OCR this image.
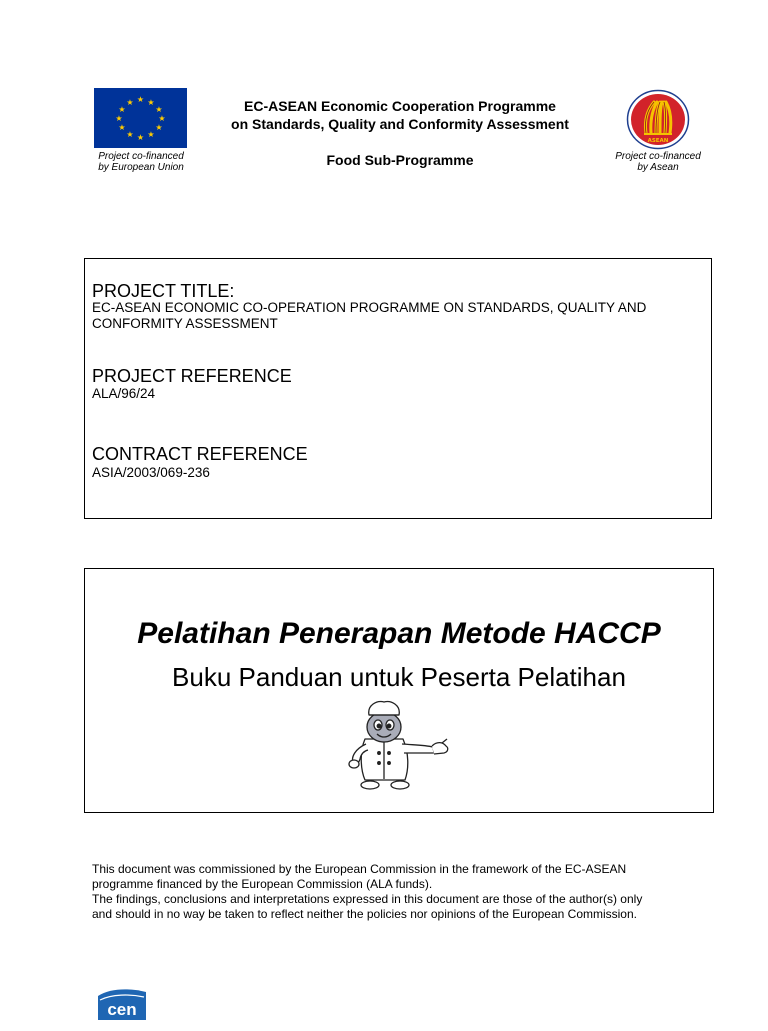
★ ★
★
★
★
★
★
★
★
★
★
★
Project co-financed
by European Union
EC-ASEAN Economic Cooperation Programme
on Standards, Quality and Conformity Assessment
Food Sub-Programme
ASEAN
Project co-financed
by Asean
PROJECT TITLE:
EC-ASEAN ECONOMIC CO-OPERATION PROGRAMME ON STANDARDS, QUALITY AND
CONFORMITY ASSESSMENT
PROJECT REFERENCE
ALA/96/24
CONTRACT REFERENCE
ASIA/2003/069-236
Pelatihan Penerapan Metode HACCP
Buku Panduan untuk Peserta Pelatihan
This document was commissioned by the European Commission in the framework of the EC-ASEAN
programme financed by the European Commission (ALA funds).
The findings, conclusions and interpretations expressed in this document are those of the author(s) only
and should in no way be taken to reflect neither the policies nor opinions of the European Commission.
cen
